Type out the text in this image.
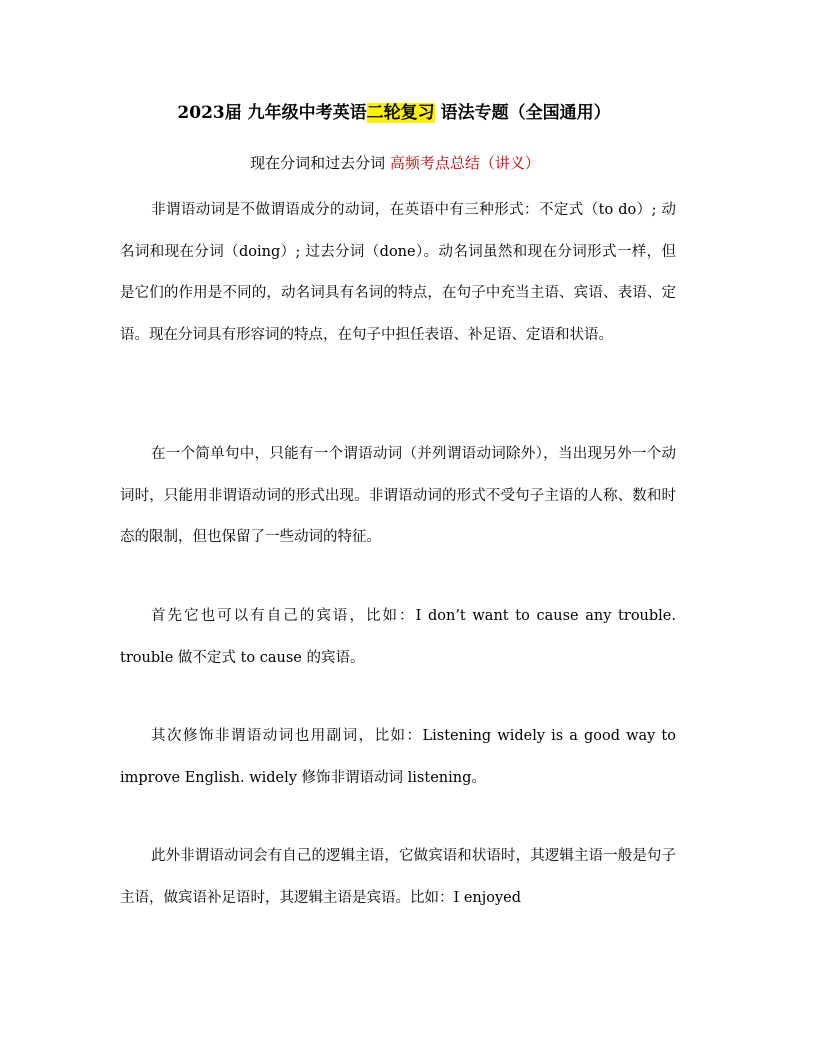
2023届 九年级中考英语二轮复习 语法专题（全国通用）
现在分词和过去分词 高频考点总结（讲义）

非谓语动词是不做谓语成分的动词，在英语中有三种形式：不定式（to do）; 动名词和现在分词（doing）; 过去分词（done）。动名词虽然和现在分词形式一样，但是它们的作用是不同的，动名词具有名词的特点，在句子中充当主语、宾语、表语、定语。现在分词具有形容词的特点，在句子中担任表语、补足语、定语和状语。

在一个简单句中，只能有一个谓语动词（并列谓语动词除外），当出现另外一个动词时，只能用非谓语动词的形式出现。非谓语动词的形式不受句子主语的人称、数和时态的限制，但也保留了一些动词的特征。

首先它也可以有自己的宾语，比如：I don’t want to cause any trouble. trouble 做不定式 to cause 的宾语。

其次修饰非谓语动词也用副词，比如：Listening widely is a good way to improve English. widely 修饰非谓语动词 listening。

此外非谓语动词会有自己的逻辑主语，它做宾语和状语时，其逻辑主语一般是句子主语，做宾语补足语时，其逻辑主语是宾语。比如：I enjoyed
